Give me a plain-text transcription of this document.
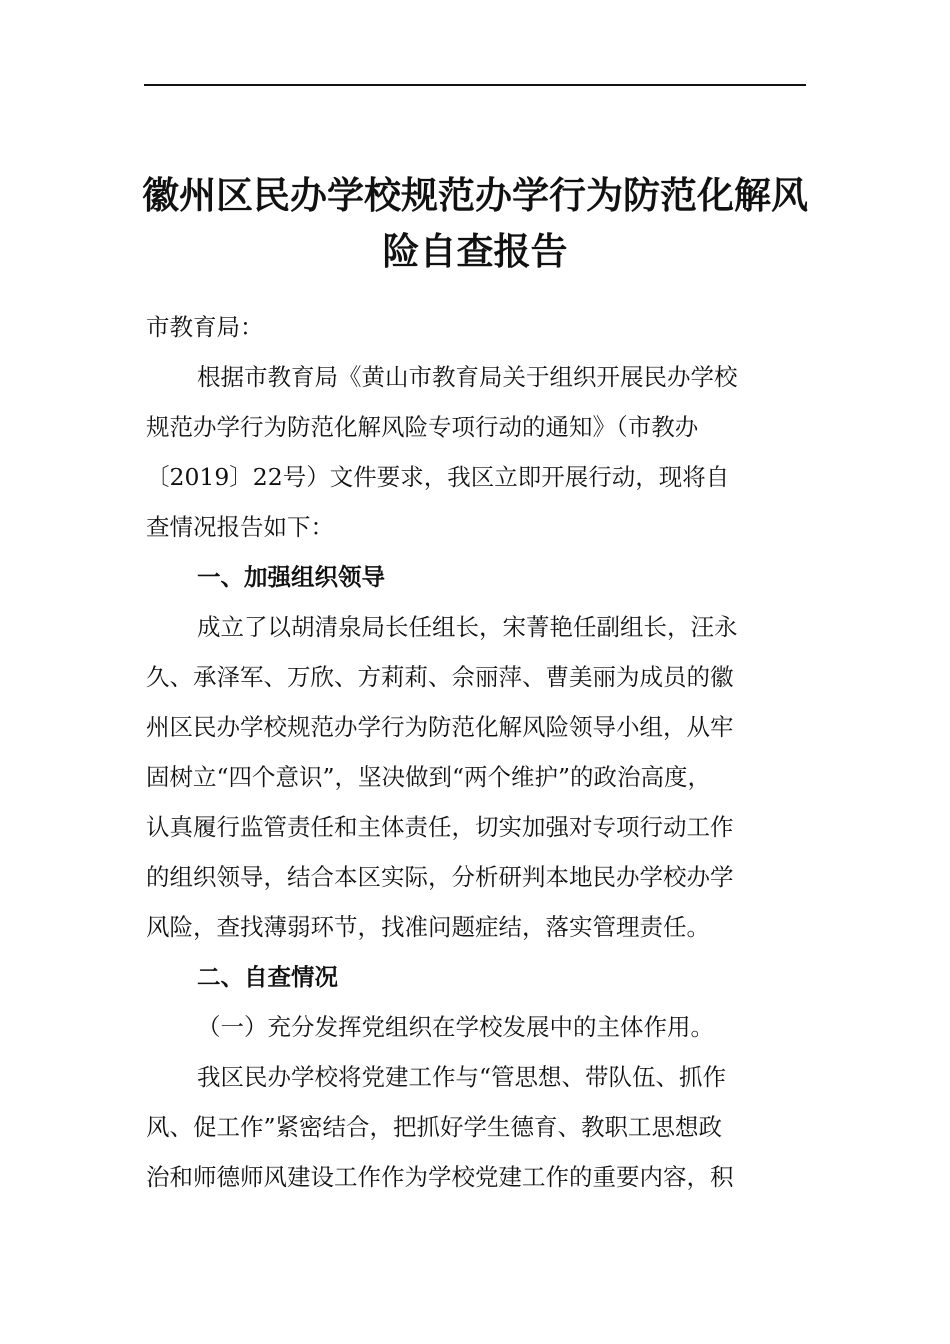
徽州区民办学校规范办学行为防范化解风
险自查报告

市教育局：

根据市教育局《黄山市教育局关于组织开展民办学校
规范办学行为防范化解风险专项行动的通知》（市教办
〔2019〕22号）文件要求，我区立即开展行动，现将自
查情况报告如下：

一、加强组织领导

成立了以胡清泉局长任组长，宋菁艳任副组长，汪永
久、承泽军、万欣、方莉莉、佘丽萍、曹美丽为成员的徽
州区民办学校规范办学行为防范化解风险领导小组，从牢
固树立“四个意识”，坚决做到“两个维护”的政治高度，
认真履行监管责任和主体责任，切实加强对专项行动工作
的组织领导，结合本区实际，分析研判本地民办学校办学
风险，查找薄弱环节，找准问题症结，落实管理责任。

二、自查情况

（一）充分发挥党组织在学校发展中的主体作用。

我区民办学校将党建工作与“管思想、带队伍、抓作
风、促工作”紧密结合，把抓好学生德育、教职工思想政
治和师德师风建设工作作为学校党建工作的重要内容，积
